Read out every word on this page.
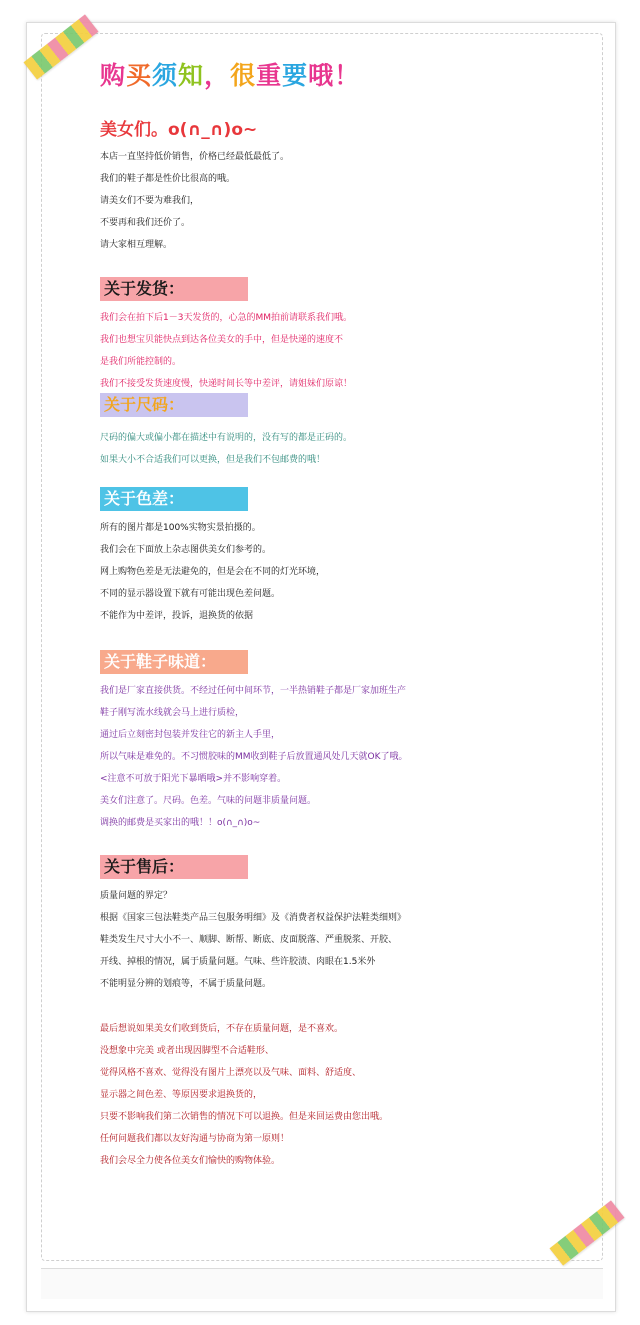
购买须知，很重要哦！
美女们。o(∩_∩)o~
本店一直坚持低价销售，价格已经最低最低了。
我们的鞋子都是性价比很高的哦。
请美女们不要为难我们，
不要再和我们还价了。
请大家相互理解。
关于发货：
我们会在拍下后1－3天发货的，心急的MM拍前请联系我们哦。
我们也想宝贝能快点到达各位美女的手中，但是快递的速度不
是我们所能控制的。
我们不接受发货速度慢，快递时间长等中差评，请姐妹们原谅！
关于尺码：
尺码的偏大或偏小都在描述中有说明的，没有写的都是正码的。
如果大小不合适我们可以更换，但是我们不包邮费的哦！
关于色差：
所有的图片都是100%实物实景拍摄的。
我们会在下面放上杂志图供美女们参考的。
网上购物色差是无法避免的，但是会在不同的灯光环境，
不同的显示器设置下就有可能出现色差问题。
不能作为中差评，投诉，退换货的依据
关于鞋子味道：
我们是厂家直接供货。不经过任何中间环节，一半热销鞋子都是厂家加班生产
鞋子刚写流水线就会马上进行质检，
通过后立刻密封包装并发往它的新主人手里，
所以气味是难免的。不习惯胶味的MM收到鞋子后放置通风处几天就OK了哦。
<注意不可放于阳光下暴晒哦>并不影响穿着。
美女们注意了。尺码。色差。气味的问题非质量问题。
调换的邮费是买家出的哦！！o(∩_∩)o~
关于售后：
质量问题的界定？
根据《国家三包法鞋类产品三包服务明细》及《消费者权益保护法鞋类细则》
鞋类发生尺寸大小不一、顺脚、断帮、断底、皮面脱落、严重脱浆、开胶、
开线、掉根的情况，属于质量问题。气味、些许胶渍、肉眼在1.5米外
不能明显分辨的划痕等，不属于质量问题。
最后想说如果美女们收到货后，不存在质量问题，是不喜欢。
没想象中完美 或者出现因脚型不合适鞋形、
觉得风格不喜欢、觉得没有图片上漂亮以及气味、面料、舒适度、
显示器之间色差、等原因要求退换货的，
只要不影响我们第二次销售的情况下可以退换。但是来回运费由您出哦。
任何问题我们都以友好沟通与协商为第一原则！
我们会尽全力使各位美女们愉快的购物体验。
